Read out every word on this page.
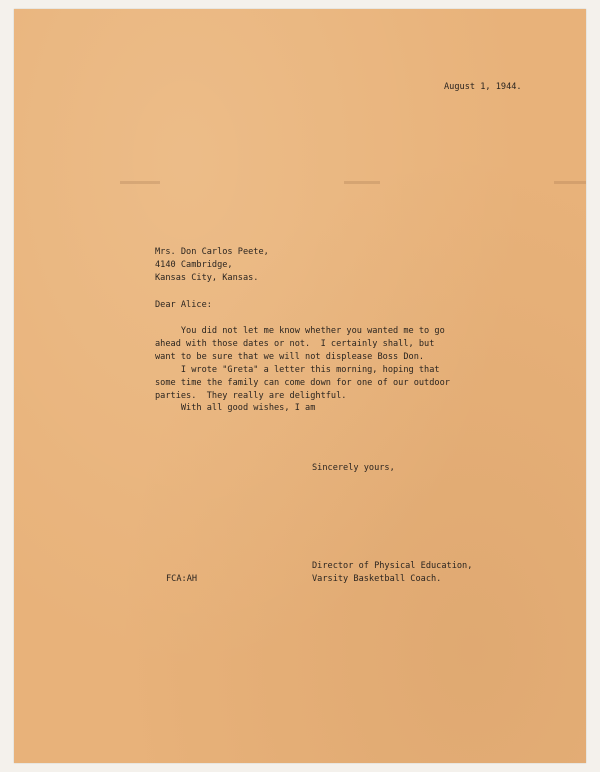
August 1, 1944.
Mrs. Don Carlos Peete,
4140 Cambridge,
Kansas City, Kansas.
Dear Alice:
You did not let me know whether you wanted me to go
ahead with those dates or not.  I certainly shall, but
want to be sure that we will not displease Boss Don.
I wrote "Greta" a letter this morning, hoping that
some time the family can come down for one of our outdoor
parties.  They really are delightful.
With all good wishes, I am
Sincerely yours,
Director of Physical Education,
Varsity Basketball Coach.
FCA:AH
